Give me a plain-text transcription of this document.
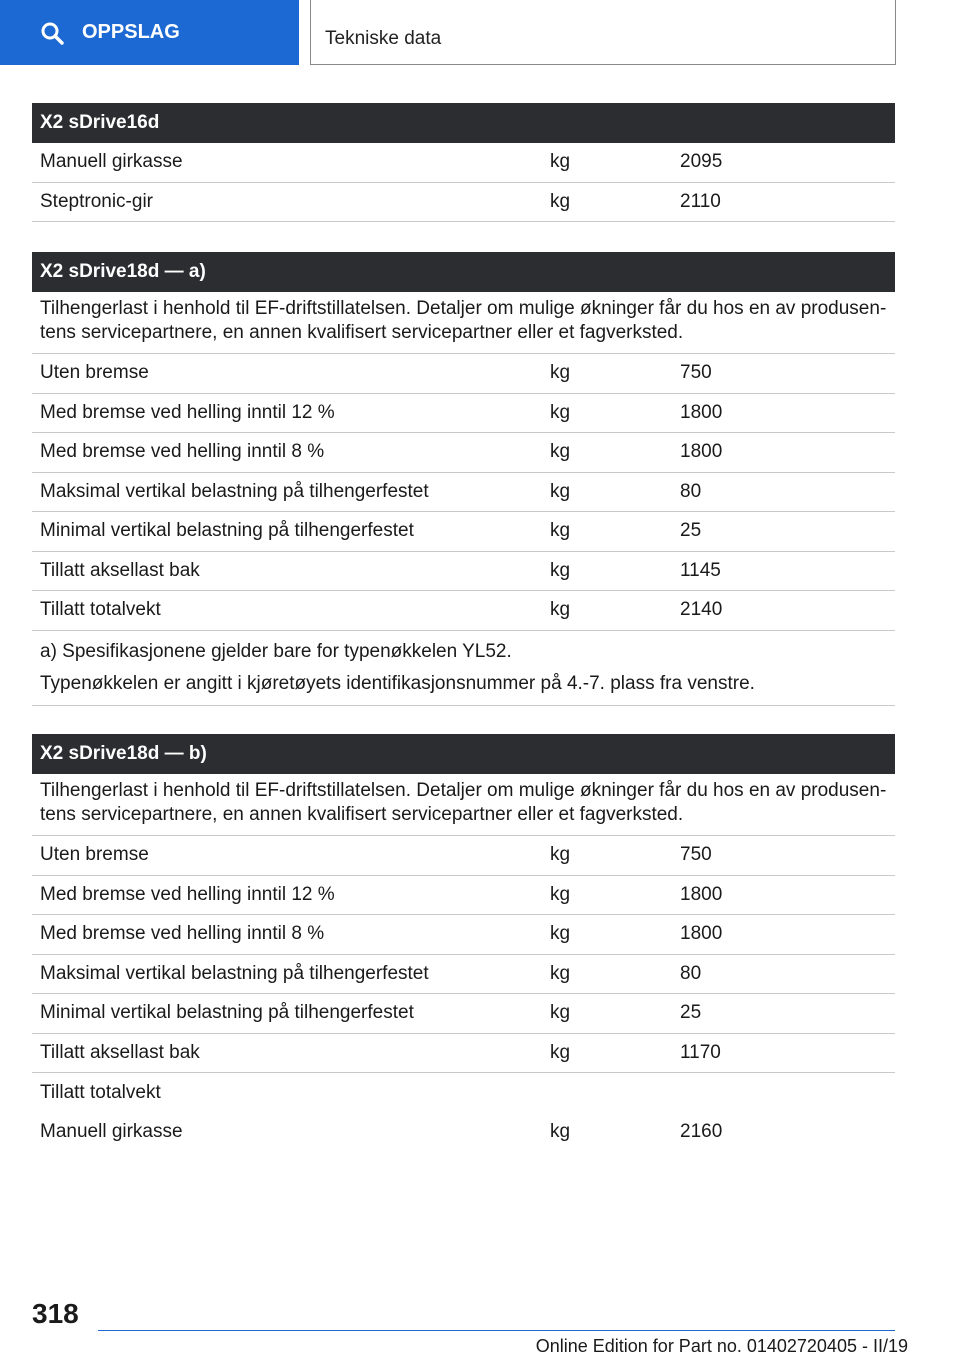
OPPSLAG	Tekniske data
X2 sDrive16d
Manuell girkasse	kg	2095
Steptronic-gir	kg	2110
X2 sDrive18d — a)
Tilhengerlast i henhold til EF-driftstillatelsen. Detaljer om mulige økninger får du hos en av produsentens servicepartnere, en annen kvalifisert servicepartner eller et fagverksted.
Uten bremse	kg	750
Med bremse ved helling inntil 12 %	kg	1800
Med bremse ved helling inntil 8 %	kg	1800
Maksimal vertikal belastning på tilhengerfestet	kg	80
Minimal vertikal belastning på tilhengerfestet	kg	25
Tillatt aksellast bak	kg	1145
Tillatt totalvekt	kg	2140
a) Spesifikasjonene gjelder bare for typenøkkelen YL52.
Typenøkkelen er angitt i kjøretøyets identifikasjonsnummer på 4.-7. plass fra venstre.
X2 sDrive18d — b)
Tilhengerlast i henhold til EF-driftstillatelsen. Detaljer om mulige økninger får du hos en av produsentens servicepartnere, en annen kvalifisert servicepartner eller et fagverksted.
Uten bremse	kg	750
Med bremse ved helling inntil 12 %	kg	1800
Med bremse ved helling inntil 8 %	kg	1800
Maksimal vertikal belastning på tilhengerfestet	kg	80
Minimal vertikal belastning på tilhengerfestet	kg	25
Tillatt aksellast bak	kg	1170
Tillatt totalvekt
Manuell girkasse	kg	2160
318
Online Edition for Part no. 01402720405 - II/19
